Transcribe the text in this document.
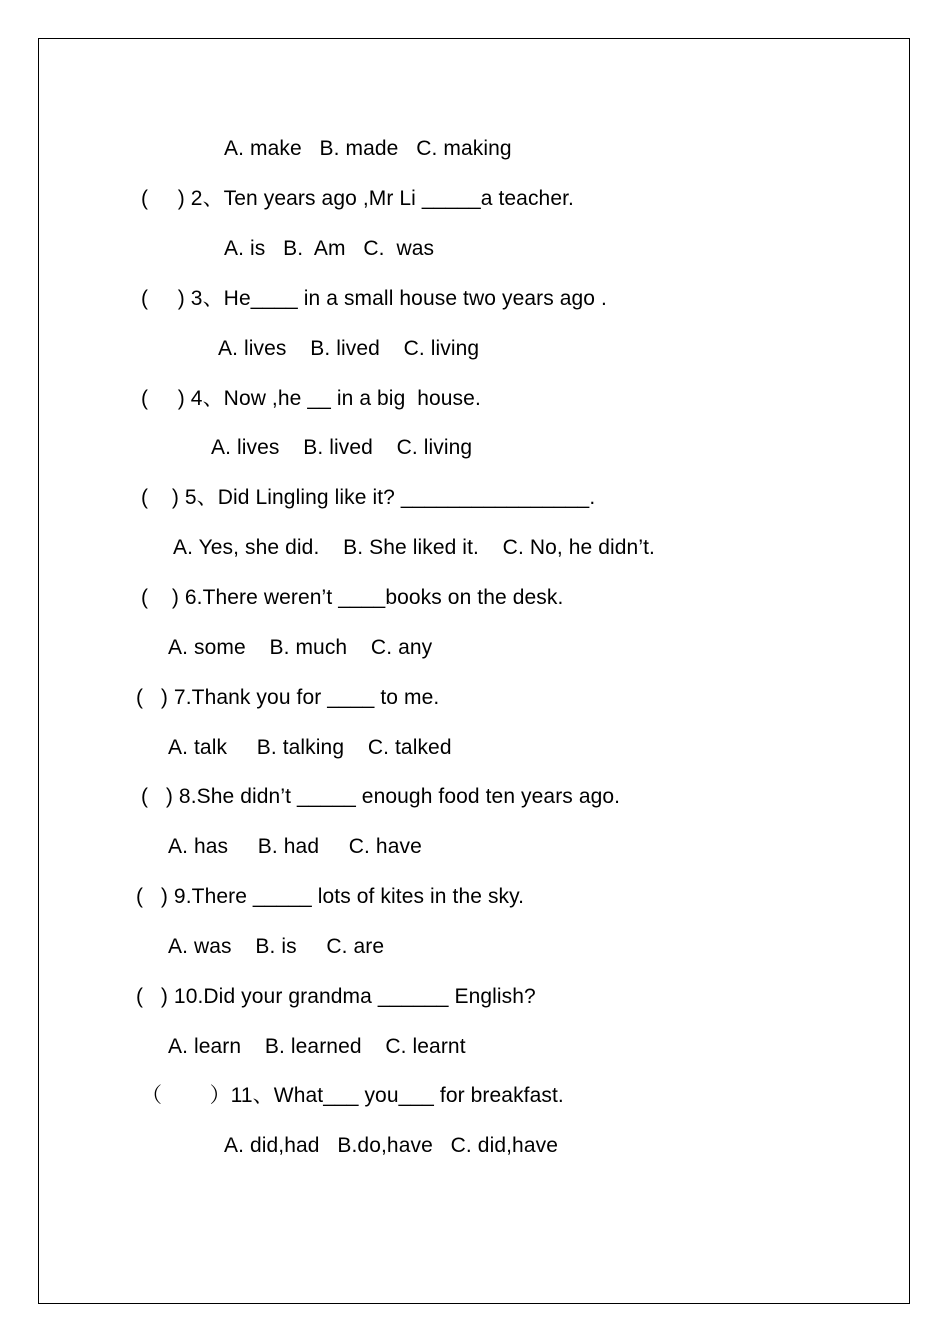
A. make   B. made   C. making
(     ) 2、Ten years ago ,Mr Li _____a teacher.
A. is   B.  Am   C.  was
(     ) 3、He____ in a small house two years ago .
A. lives    B. lived    C. living
(     ) 4、Now ,he __ in a big  house.
A. lives    B. lived    C. living
(    ) 5、Did Lingling like it? ________________.
A. Yes, she did.    B. She liked it.    C. No, he didn’t.
(    ) 6.There weren’t ____books on the desk.
A. some    B. much    C. any
(   ) 7.Thank you for ____ to me.
A. talk     B. talking    C. talked
(   ) 8.She didn’t _____ enough food ten years ago.
A. has     B. had     C. have
(   ) 9.There _____ lots of kites in the sky.
A. was    B. is     C. are
(   ) 10.Did your grandma ______ English?
A. learn    B. learned    C. learnt
（        ）11、What___ you___ for breakfast.
A. did,had   B.do,have   C. did,have
